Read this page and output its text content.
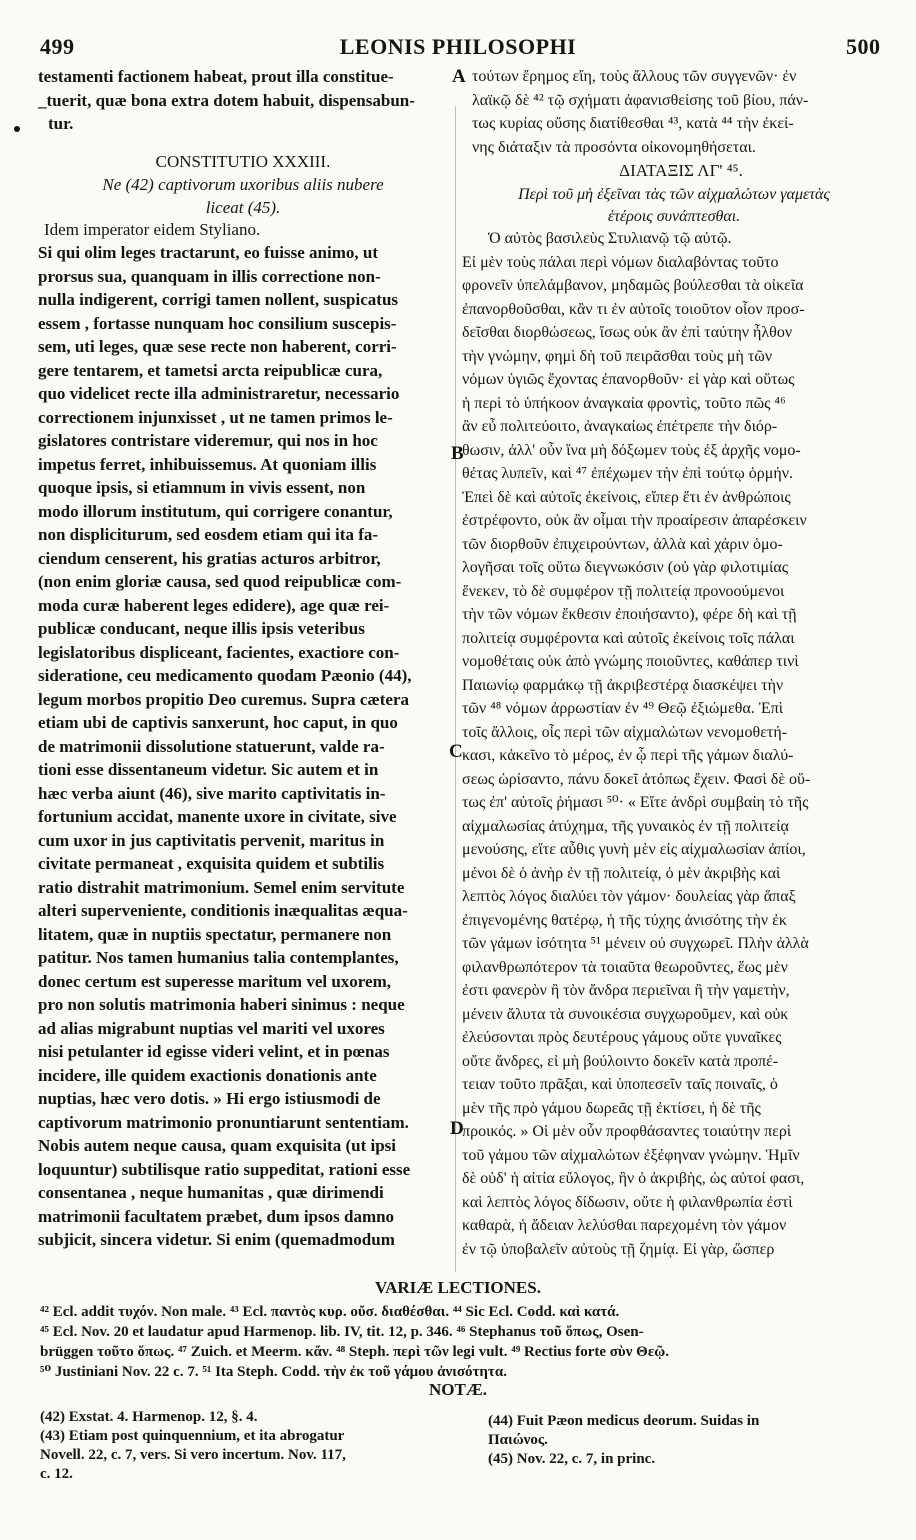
499	LEONIS PHILOSOPHI	500
A
B
C
D
testamenti factionem habeat, prout illa constitue-
_tuerit, quæ bona extra dotem habuit, dispensabun-
tur.
CONSTITUTIO XXXIII.
Ne (42) captivorum uxoribus aliis nubere
liceat (45).
Idem imperator eidem Styliano.
Si qui olim leges tractarunt, eo fuisse animo, ut
prorsus sua, quanquam in illis correctione non-
nulla indigerent, corrigi tamen nollent, suspicatus
essem , fortasse nunquam hoc consilium suscepis-
sem, uti leges, quæ sese recte non haberent, corri-
gere tentarem, et tametsi arcta reipublicæ cura,
quo videlicet recte illa administraretur, necessario
correctionem injunxisset , ut ne tamen primos le-
gislatores contristare videremur, qui nos in hoc
impetus ferret, inhibuissemus. At quoniam illis
quoque ipsis, si etiamnum in vivis essent, non
modo illorum institutum, qui corrigere conantur,
non displiciturum, sed eosdem etiam qui ita fa-
ciendum censerent, his gratias acturos arbitror,
(non enim gloriæ causa, sed quod reipublicæ com-
moda curæ haberent leges edidere), age quæ rei-
publicæ conducant, neque illis ipsis veteribus
legislatoribus displiceant, facientes, exactiore con-
sideratione, ceu medicamento quodam Pæonio (44),
legum morbos propitio Deo curemus. Supra cætera
etiam ubi de captivis sanxerunt, hoc caput, in quo
de matrimonii dissolutione statuerunt, valde ra-
tioni esse dissentaneum videtur. Sic autem et in
hæc verba aiunt (46), sive marito captivitatis in-
fortunium accidat, manente uxore in civitate, sive
cum uxor in jus captivitatis pervenit, maritus in
civitate permaneat , exquisita quidem et subtilis
ratio distrahit matrimonium. Semel enim servitute
alteri superveniente, conditionis inæqualitas æqua-
litatem, quæ in nuptiis spectatur, permanere non
patitur. Nos tamen humanius talia contemplantes,
donec certum est superesse maritum vel uxorem,
pro non solutis matrimonia haberi sinimus : neque
ad alias migrabunt nuptias vel mariti vel uxores
nisi petulanter id egisse videri velint, et in pœnas
incidere, ille quidem exactionis donationis ante
nuptias, hæc vero dotis. » Hi ergo istiusmodi de
captivorum matrimonio pronuntiarunt sententiam.
Nobis autem neque causa, quam exquisita (ut ipsi
loquuntur) subtilisque ratio suppeditat, rationi esse
consentanea , neque humanitas , quæ dirimendi
matrimonii facultatem præbet, dum ipsos damno
subjicit, sincera videtur. Si enim (quemadmodum
τούτων ἔρημος εἴη, τοὺς ἄλλους τῶν συγγενῶν· ἐν
λαϊκῷ δὲ ⁴² τῷ σχήματι ἀφανισθείσης τοῦ βίου, πάν-
τως κυρίας οὔσης διατίθεσθαι ⁴³, κατὰ ⁴⁴ τὴν ἐκεί-
νης διάταξιν τὰ προσόντα οἰκονομηθήσεται.
ΔΙΑΤΑΞΙΣ ΛΓ' ⁴⁵.
Περὶ τοῦ μὴ ἐξεῖναι τὰς τῶν αἰχμαλώτων γαμετὰς
ἑτέροις συνάπτεσθαι.
Ὁ αὐτὸς βασιλεὺς Στυλιανῷ τῷ αὐτῷ.
Εἰ μὲν τοὺς πάλαι περὶ νόμων διαλαβόντας τοῦτο
φρονεῖν ὑπελάμβανον, μηδαμῶς βούλεσθαι τὰ οἰκεῖα
ἐπανορθοῦσθαι, κἂν τι ἐν αὐτοῖς τοιοῦτον οἷον προσ-
δεῖσθαι διορθώσεως, ἴσως οὐκ ἂν ἐπὶ ταύτην ἦλθον
τὴν γνώμην, φημὶ δὴ τοῦ πειρᾶσθαι τοὺς μὴ τῶν
νόμων ὑγιῶς ἔχοντας ἐπανορθοῦν· εἰ γὰρ καὶ οὕτως
ἡ περὶ τὸ ὑπήκοον ἀναγκαία φροντὶς, τοῦτο πῶς ⁴⁶
ἂν εὖ πολιτεύοιτο, ἀναγκαίως ἐπέτρεπε τὴν διόρ-
θωσιν, ἀλλ' οὖν ἵνα μὴ δόξωμεν τοὺς ἐξ ἀρχῆς νομο-
θέτας λυπεῖν, καὶ ⁴⁷ ἐπέχωμεν τὴν ἐπὶ τούτῳ ὁρμήν.
Ἐπεὶ δὲ καὶ αὐτοῖς ἐκείνοις, εἴπερ ἔτι ἐν ἀνθρώποις
ἐστρέφοντο, οὐκ ἂν οἶμαι τὴν προαίρεσιν ἀπαρέσκειν
τῶν διορθοῦν ἐπιχειρούντων, ἀλλὰ καὶ χάριν ὁμο-
λογῆσαι τοῖς οὕτω διεγνωκόσιν (οὐ γὰρ φιλοτιμίας
ἕνεκεν, τὸ δὲ συμφέρον τῇ πολιτείᾳ προνοούμενοι
τὴν τῶν νόμων ἔκθεσιν ἐποιήσαντο), φέρε δὴ καὶ τῇ
πολιτείᾳ συμφέροντα καὶ αὐτοῖς ἐκείνοις τοῖς πάλαι
νομοθέταις οὐκ ἀπὸ γνώμης ποιοῦντες, καθάπερ τινὶ
Παιωνίῳ φαρμάκῳ τῇ ἀκριβεστέρᾳ διασκέψει τὴν
τῶν ⁴⁸ νόμων ἀρρωστίαν ἐν ⁴⁹ Θεῷ ἐξιώμεθα. Ἐπὶ
τοῖς ἄλλοις, οἷς περὶ τῶν αἰχμαλώτων νενομοθετή-
κασι, κἀκεῖνο τὸ μέρος, ἐν ᾧ περὶ τῆς γάμων διαλύ-
σεως ὡρίσαντο, πάνυ δοκεῖ ἀτόπως ἔχειν. Φασὶ δὲ οὕ-
τως ἐπ' αὐτοῖς ῥήμασι ⁵⁰· « Εἴτε ἀνδρὶ συμβαίη τὸ τῆς
αἰχμαλωσίας ἀτύχημα, τῆς γυναικὸς ἐν τῇ πολιτείᾳ
μενούσης, εἴτε αὖθις γυνὴ μὲν εἰς αἰχμαλωσίαν ἀπίοι,
μένοι δὲ ὁ ἀνὴρ ἐν τῇ πολιτείᾳ, ὁ μὲν ἀκριβὴς καὶ
λεπτὸς λόγος διαλύει τὸν γάμον· δουλείας γὰρ ἅπαξ
ἐπιγενομένης θατέρῳ, ἡ τῆς τύχης ἀνισότης τὴν ἐκ
τῶν γάμων ἰσότητα ⁵¹ μένειν οὐ συγχωρεῖ. Πλὴν ἀλλὰ
φιλανθρωπότερον τὰ τοιαῦτα θεωροῦντες, ἕως μὲν
ἐστι φανερὸν ἢ τὸν ἄνδρα περιεῖναι ἢ τὴν γαμετὴν,
μένειν ἄλυτα τὰ συνοικέσια συγχωροῦμεν, καὶ οὐκ
ἐλεύσονται πρὸς δευτέρους γάμους οὔτε γυναῖκες
οὔτε ἄνδρες, εἰ μὴ βούλοιντο δοκεῖν κατὰ προπέ-
τειαν τοῦτο πρᾶξαι, καὶ ὑποπεσεῖν ταῖς ποιναῖς, ὁ
μὲν τῆς πρὸ γάμου δωρεᾶς τῇ ἐκτίσει, ἡ δὲ τῆς
προικός. » Οἱ μὲν οὖν προφθάσαντες τοιαύτην περὶ
τοῦ γάμου τῶν αἰχμαλώτων ἐξέφηναν γνώμην. Ἡμῖν
δὲ οὐδ' ἡ αἰτία εὔλογος, ἣν ὁ ἀκριβὴς, ὡς αὐτοί φασι,
καὶ λεπτὸς λόγος δίδωσιν, οὔτε ἡ φιλανθρωπία ἐστὶ
καθαρὰ, ἡ ἄδειαν λελύσθαι παρεχομένη τὸν γάμον
ἐν τῷ ὑποβαλεῖν αὐτοὺς τῇ ζημίᾳ. Εἰ γὰρ, ὥσπερ
VARIÆ LECTIONES.
⁴² Ecl. addit τυχόν. Non male. ⁴³ Ecl. παντὸς κυρ. οὔσ. διαθέσθαι. ⁴⁴ Sic Ecl. Codd. καὶ κατά.
⁴⁵ Ecl. Nov. 20 et laudatur apud Harmenop. lib. IV, tit. 12, p. 346. ⁴⁶ Stephanus τοῦ ὅπως, Osen-
brüggen τοῦτο ὅπως. ⁴⁷ Zuich. et Meerm. κἄν. ⁴⁸ Steph. περὶ τῶν legi vult. ⁴⁹ Rectius forte σὺν Θεῷ.
⁵⁰ Justiniani Nov. 22 c. 7. ⁵¹ Ita Steph. Codd. τὴν ἐκ τοῦ γάμου ἀνισότητα.
NOTÆ.
(42) Exstat. 4. Harmenop. 12, §. 4.
(43) Etiam post quinquennium, et ita abrogatur
Novell. 22, c. 7, vers. Si vero incertum. Nov. 117,
c. 12.
(44) Fuit Pæon medicus deorum. Suidas in
Παιώνος.
(45) Nov. 22, c. 7, in princ.
